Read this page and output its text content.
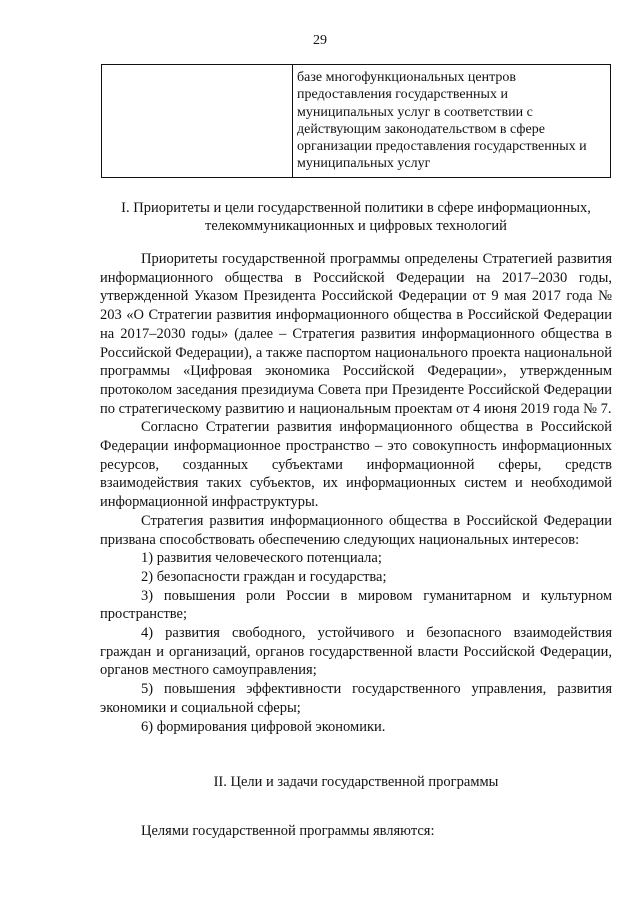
29
базе многофункциональных центров предоставления государственных и муниципальных услуг в соответствии с действующим законодательством в сфере организации предоставления государственных и муниципальных услуг
I. Приоритеты и цели государственной политики в сфере информационных, телекоммуникационных и цифровых технологий

Приоритеты государственной программы определены Стратегией развития информационного общества в Российской Федерации на 2017–2030 годы, утвержденной Указом Президента Российской Федерации от 9 мая 2017 года № 203 «О Стратегии развития информационного общества в Российской Федерации на 2017–2030 годы» (далее – Стратегия развития информационного общества в Российской Федерации), а также паспортом национального проекта национальной программы «Цифровая экономика Российской Федерации», утвержденным протоколом заседания президиума Совета при Президенте Российской Федерации по стратегическому развитию и национальным проектам от 4 июня 2019 года № 7.

Согласно Стратегии развития информационного общества в Российской Федерации информационное пространство – это совокупность информационных ресурсов, созданных субъектами информационной сферы, средств взаимодействия таких субъектов, их информационных систем и необходимой информационной инфраструктуры.

Стратегия развития информационного общества в Российской Федерации призвана способствовать обеспечению следующих национальных интересов:

1) развития человеческого потенциала;

2) безопасности граждан и государства;

3) повышения роли России в мировом гуманитарном и культурном пространстве;

4) развития свободного, устойчивого и безопасного взаимодействия граждан и организаций, органов государственной власти Российской Федерации, органов местного самоуправления;

5) повышения эффективности государственного управления, развития экономики и социальной сферы;

6) формирования цифровой экономики.

II. Цели и задачи государственной программы

Целями государственной программы являются:
